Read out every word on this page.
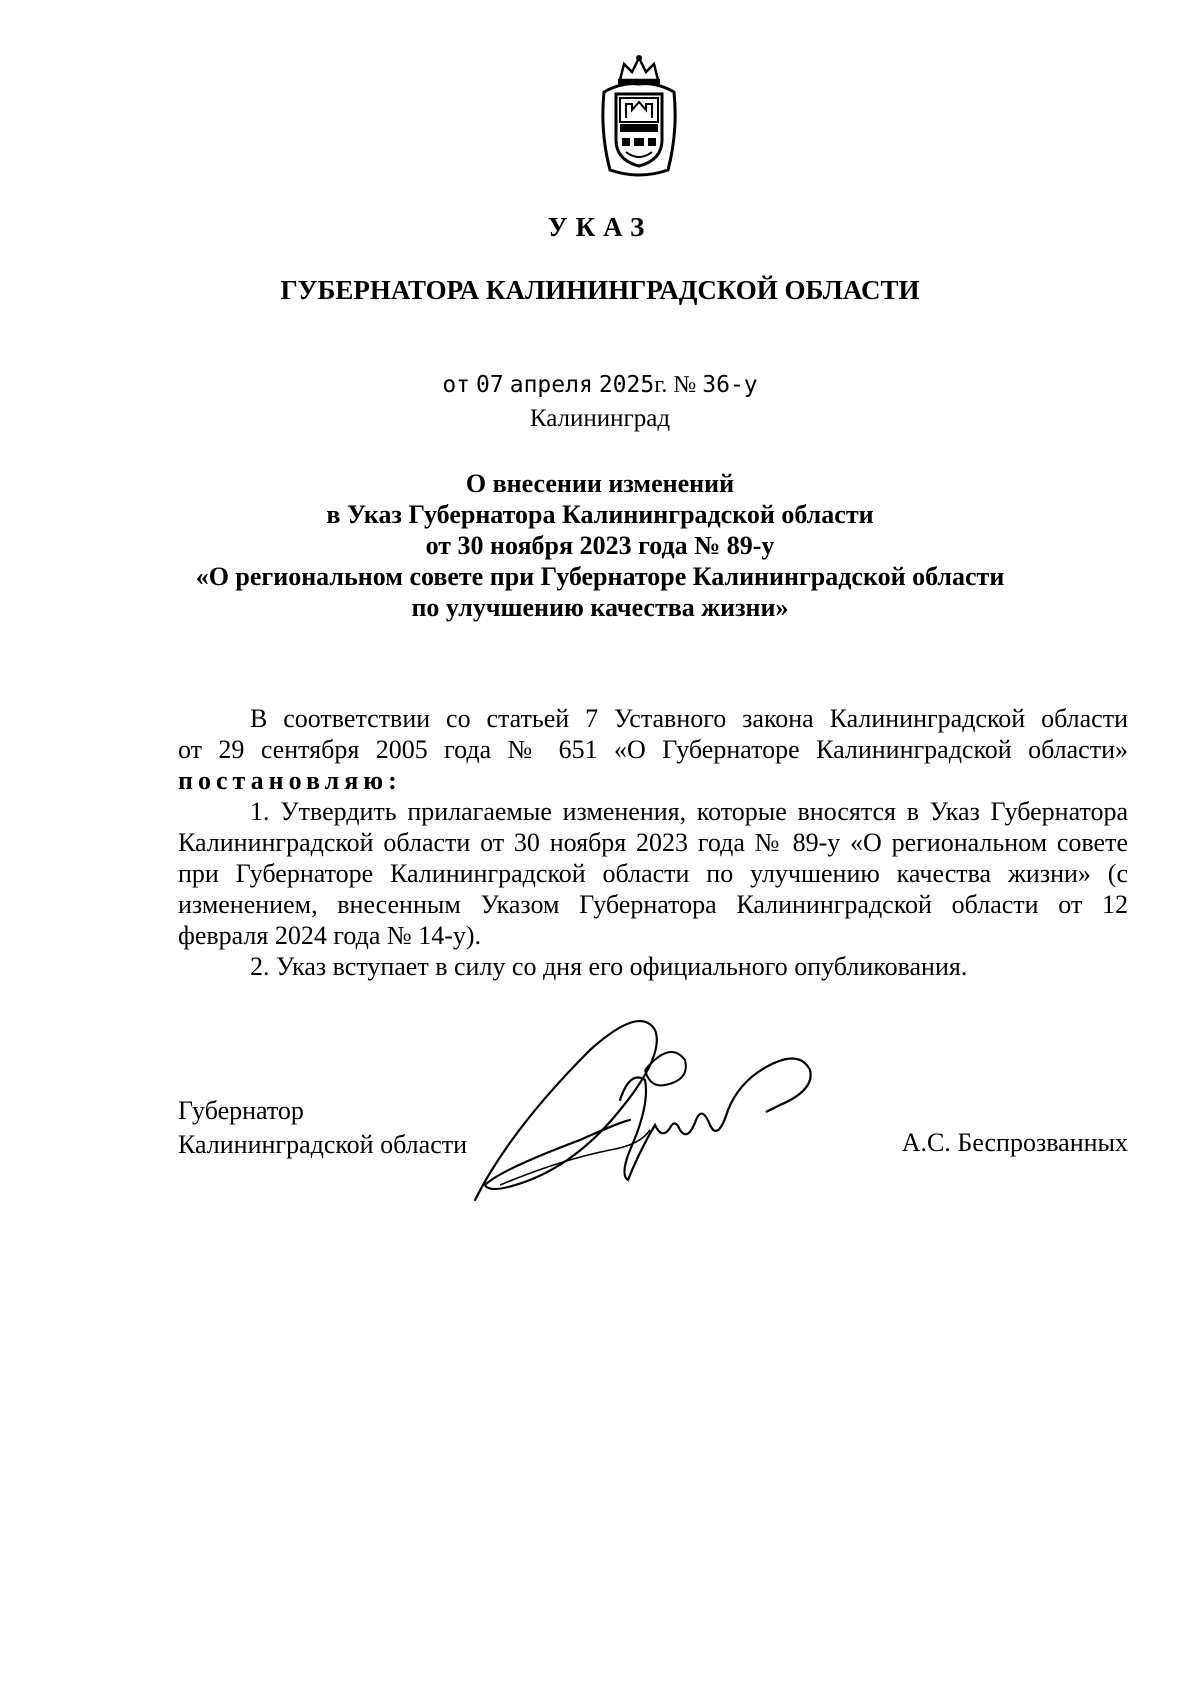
УКАЗ
ГУБЕРНАТОРА КАЛИНИНГРАДСКОЙ ОБЛАСТИ
от 07 апреля 2025г. № 36-у
Калининград
О внесении изменений
в Указ Губернатора Калининградской области
от 30 ноября 2023 года № 89-у
«О региональном совете при Губернаторе Калининградской области
по улучшению качества жизни»

В соответствии со статьей 7 Уставного закона Калининградской области

от 29 сентября 2005 года № 651 «О Губернаторе Калининградской области»

постановляю:

1. Утвердить прилагаемые изменения, которые вносятся в Указ Губернатора Калининградской области от 30 ноября 2023 года № 89-у «О региональном совете при Губернаторе Калининградской области по улучшению качества жизни» (с изменением, внесенным Указом Губернатора Калининградской области от 12 февраля 2024 года № 14-у).

2. Указ вступает в силу со дня его официального опубликования.

Губернатор
Калининградской области	А.С. Беспрозванных
